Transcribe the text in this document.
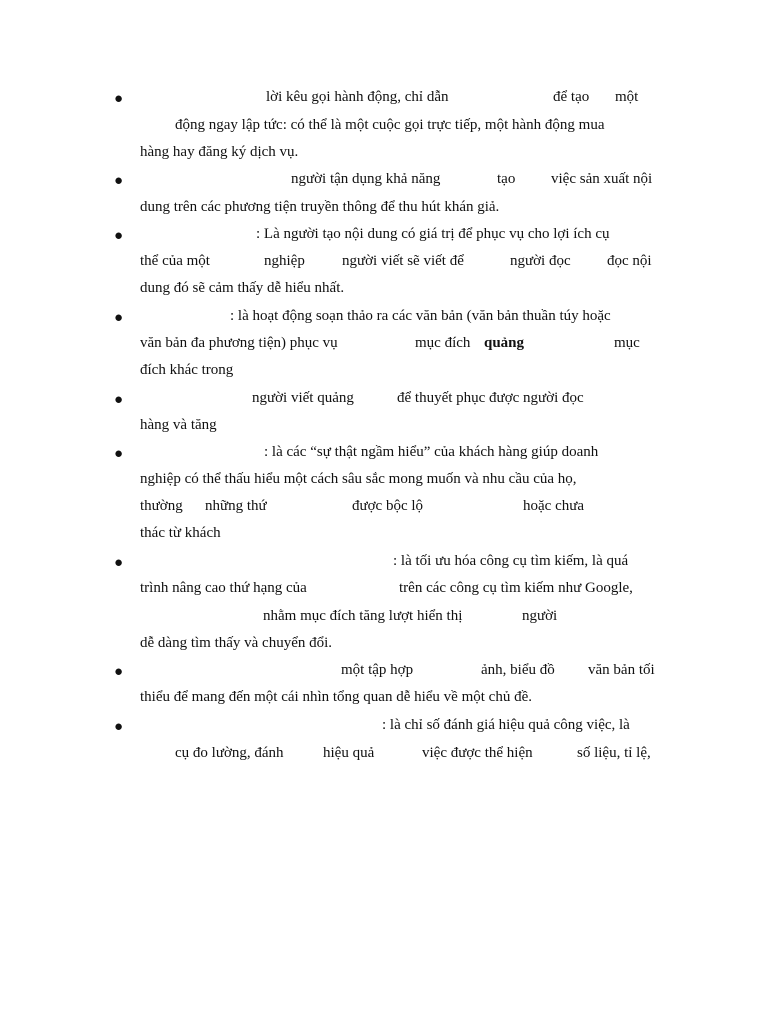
●	lời kêu gọi hành động, chỉ dẫn	để tạo một
động ngay lập tức: có thể là một cuộc gọi trực tiếp, một hành động mua
hàng hay đăng ký dịch vụ.
●	người tận dụng khả năng	tạo việc sản xuất nội
dung trên các phương tiện truyền thông để thu hút khán giả.
●	: Là người tạo nội dung có giá trị để phục vụ cho lợi ích cụ
thể của một	nghiệp người viết sẽ viết để	người đọc đọc nội
dung đó sẽ cảm thấy dễ hiểu nhất.
●	: là hoạt động soạn thảo ra các văn bản (văn bản thuần túy hoặc
văn bản đa phương tiện) phục vụ	mục đích quảng	mục
đích khác trong
●	người viết quảng	để thuyết phục được người đọc
hàng và tăng
●	: là các “sự thật ngầm hiểu” của khách hàng giúp doanh
nghiệp có thể thấu hiểu một cách sâu sắc mong muốn và nhu cầu của họ,
thường những thứ	được bộc lộ	hoặc chưa
thác từ khách
●	: là tối ưu hóa công cụ tìm kiếm, là quá
trình nâng cao thứ hạng của	trên các công cụ tìm kiếm như Google,
nhằm mục đích tăng lượt hiển thị	người
dễ dàng tìm thấy và chuyển đổi.
●	một tập hợp	ảnh, biểu đồ văn bản tối
thiểu để mang đến một cái nhìn tổng quan dễ hiểu về một chủ đề.
●	: là chỉ số đánh giá hiệu quả công việc, là
cụ đo lường, đánh	hiệu quả	việc được thể hiện	số liệu, tỉ lệ,
